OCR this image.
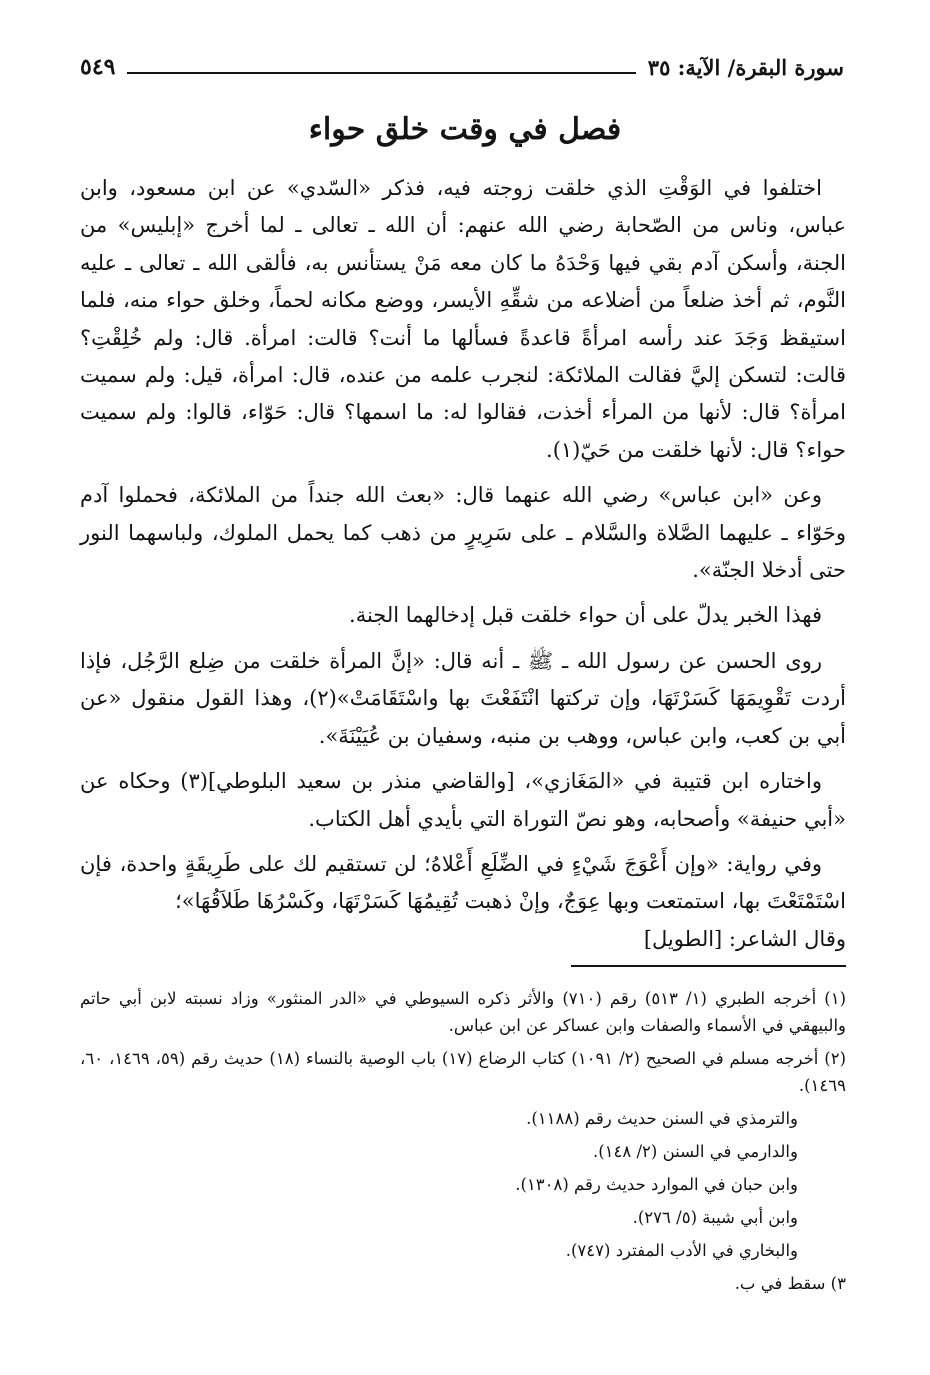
سورة البقرة/ الآية: ٣٥
٥٤٩
فصل في وقت خلق حواء

اختلفوا في الوَقْتِ الذي خلقت زوجته فيه، فذكر «السّدي» عن ابن مسعود، وابن عباس، وناس من الصّحابة رضي الله عنهم: أن الله ـ تعالى ـ لما أخرج «إبليس» من الجنة، وأسكن آدم بقي فيها وَحْدَهُ ما كان معه مَنْ يستأنس به، فألقى الله ـ تعالى ـ عليه النَّوم، ثم أخذ ضلعاً من أضلاعه من شقِّهِ الأيسر، ووضع مكانه لحماً، وخلق حواء منه، فلما استيقظ وَجَدَ عند رأسه امرأةً قاعدةً فسألها ما أنت؟ قالت: امرأة. قال: ولم خُلِقْتِ؟ قالت: لتسكن إليَّ فقالت الملائكة: لنجرب علمه من عنده، قال: امرأة، قيل: ولم سميت امرأة؟ قال: لأنها من المرأء أخذت، فقالوا له: ما اسمها؟ قال: حَوّاء، قالوا: ولم سميت حواء؟ قال: لأنها خلقت من حَيّ(١).

وعن «ابن عباس» رضي الله عنهما قال: «بعث الله جنداً من الملائكة، فحملوا آدم وحَوّاء ـ عليهما الصَّلاة والسَّلام ـ على سَرِيرٍ من ذهب كما يحمل الملوك، ولباسهما النور حتى أدخلا الجنّة».

فهذا الخبر يدلّ على أن حواء خلقت قبل إدخالهما الجنة.

روى الحسن عن رسول الله ـ ﷺ ـ أنه قال: «إنَّ المرأة خلقت من ضِلع الرَّجُل، فإذا أردت تَقْوِيمَهَا كَسَرْتَهَا، وإن تركتها انْتَفَعْتَ بها واسْتَقَامَتْ»(٢)، وهذا القول منقول «عن أبي بن كعب، وابن عباس، ووهب بن منبه، وسفيان بن عُيَيْنَةَ».

واختاره ابن قتيبة في «المَغَازي»، [والقاضي منذر بن سعيد البلوطي](٣) وحكاه عن «أبي حنيفة» وأصحابه، وهو نصّ التوراة التي بأيدي أهل الكتاب.

وفي رواية: «وإن أَعْوَجَ شَيْءٍ في الضِّلَعِ أَعْلاهُ؛ لن تستقيم لك على طَرِيقَةٍ واحدة، فإن اسْتَمْتَعْتَ بها، استمتعت وبها عِوَجٌ، وإنْ ذهبت تُقِيمُهَا كَسَرْتَهَا، وكَسْرُهَا طَلاَقُهَا»؛

وقال الشاعر: [الطويل]

(١) أخرجه الطبري (١/ ٥١٣) رقم (٧١٠) والأثر ذكره السيوطي في «الدر المنثور» وزاد نسبته لابن أبي حاتم والبيهقي في الأسماء والصفات وابن عساكر عن ابن عباس.
(٢) أخرجه مسلم في الصحيح (٢/ ١٠٩١) كتاب الرضاع (١٧) باب الوصية بالنساء (١٨) حديث رقم (٥٩، ١٤٦٩، ٦٠، ١٤٦٩).
والترمذي في السنن حديث رقم (١١٨٨).
والدارمي في السنن (٢/ ١٤٨).
وابن حبان في الموارد حديث رقم (١٣٠٨).
وابن أبي شيبة (٥/ ٢٧٦).
والبخاري في الأدب المفترد (٧٤٧).
٣) سقط في ب.
